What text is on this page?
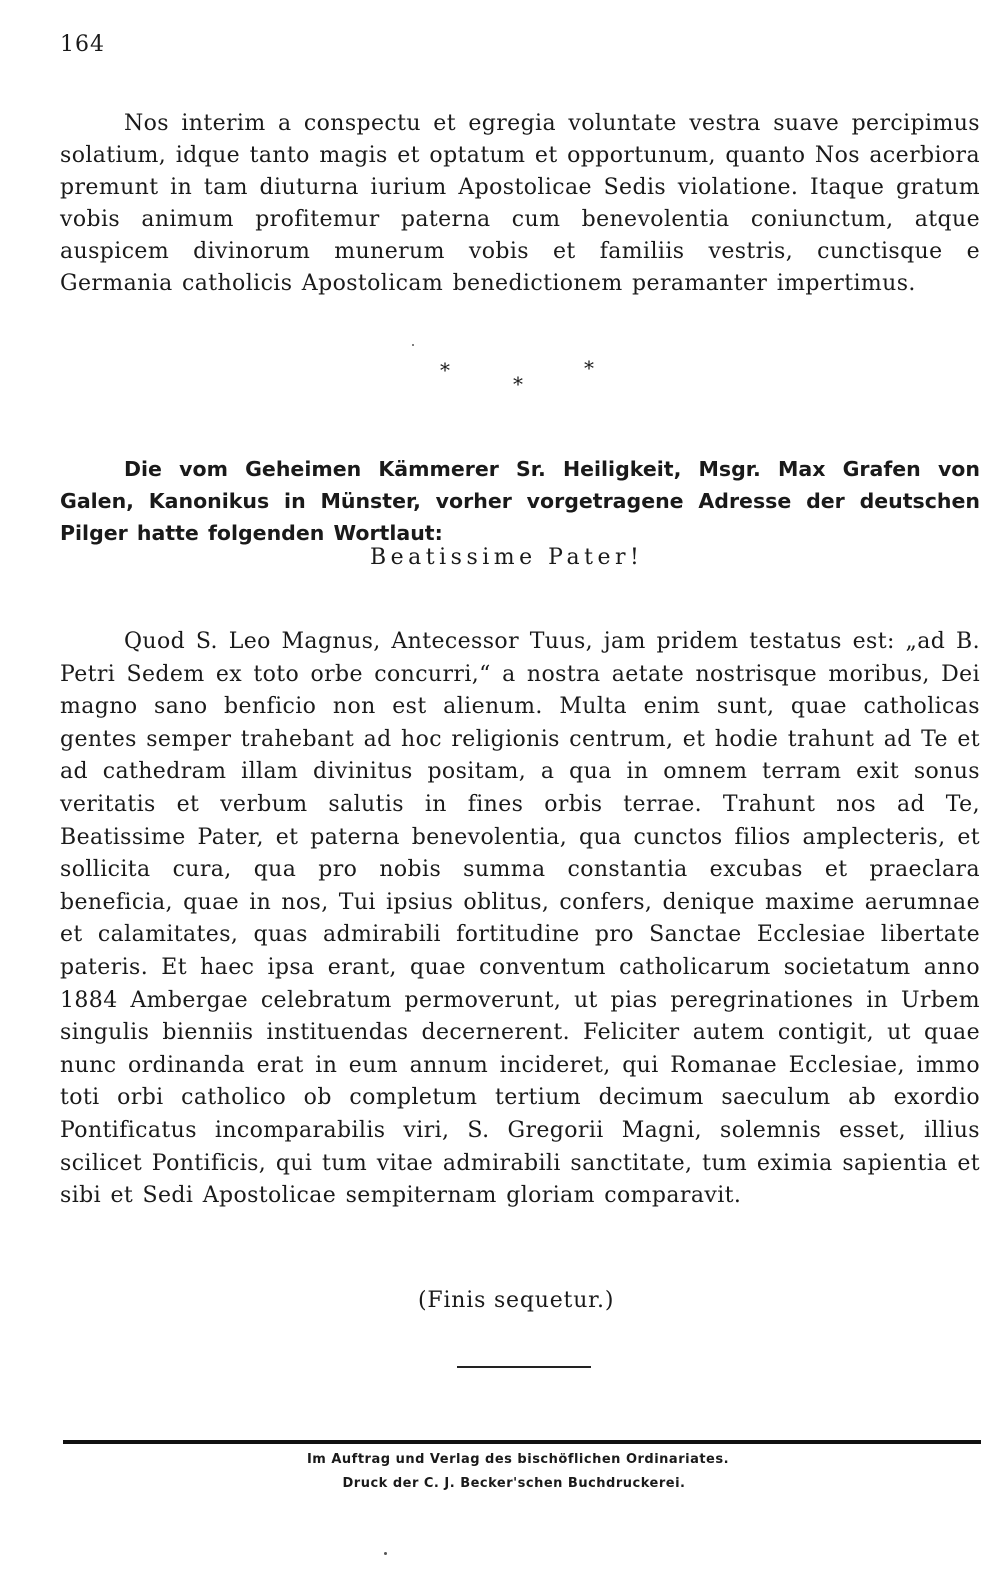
164

Nos interim a conspectu et egregia voluntate vestra suave percipimus solatium, idque tanto magis et optatum et opportunum, quanto Nos acerbiora premunt in tam diuturna iurium Apostolicae Sedis violatione. Itaque gratum vobis animum profitemur paterna cum benevolentia coniunctum, atque auspicem divinorum munerum vobis et familiis vestris, cunctisque e Germania catholicis Apostolicam benedictionem peramanter impertimus.

*
*
*

Die vom Geheimen Kämmerer Sr. Heiligkeit, Msgr. Max Grafen von Galen, Kanonikus in Münster, vorher vorgetragene Adresse der deutschen Pilger hatte folgenden Wortlaut:

Beatissime Pater!

Quod S. Leo Magnus, Antecessor Tuus, jam pridem testatus est: „ad B. Petri Sedem ex toto orbe concurri,“ a nostra aetate nostrisque moribus, Dei magno sano benficio non est alienum. Multa enim sunt, quae catholicas gentes semper trahebant ad hoc religionis centrum, et hodie trahunt ad Te et ad cathedram illam divinitus positam, a qua in omnem terram exit sonus veritatis et verbum salutis in fines orbis terrae. Trahunt nos ad Te, Beatissime Pater, et paterna benevolentia, qua cunctos filios amplecteris, et sollicita cura, qua pro nobis summa constantia excubas et praeclara beneficia, quae in nos, Tui ipsius oblitus, confers, denique maxime aerumnae et calamitates, quas admirabili fortitudine pro Sanctae Ecclesiae libertate pateris. Et haec ipsa erant, quae conventum catholicarum societatum anno 1884 Ambergae celebratum permoverunt, ut pias peregrinationes in Urbem singulis bienniis instituendas decernerent. Feliciter autem contigit, ut quae nunc ordinanda erat in eum annum incideret, qui Romanae Ecclesiae, immo toti orbi catholico ob completum tertium decimum saeculum ab exordio Pontificatus incomparabilis viri, S. Gregorii Magni, solemnis esset, illius scilicet Pontificis, qui tum vitae admirabili sanctitate, tum eximia sapientia et sibi et Sedi Apostolicae sempiternam gloriam comparavit.

(Finis sequetur.)
Im Auftrag und Verlag des bischöflichen Ordinariates.
Druck der C. J. Becker'schen Buchdruckerei.
